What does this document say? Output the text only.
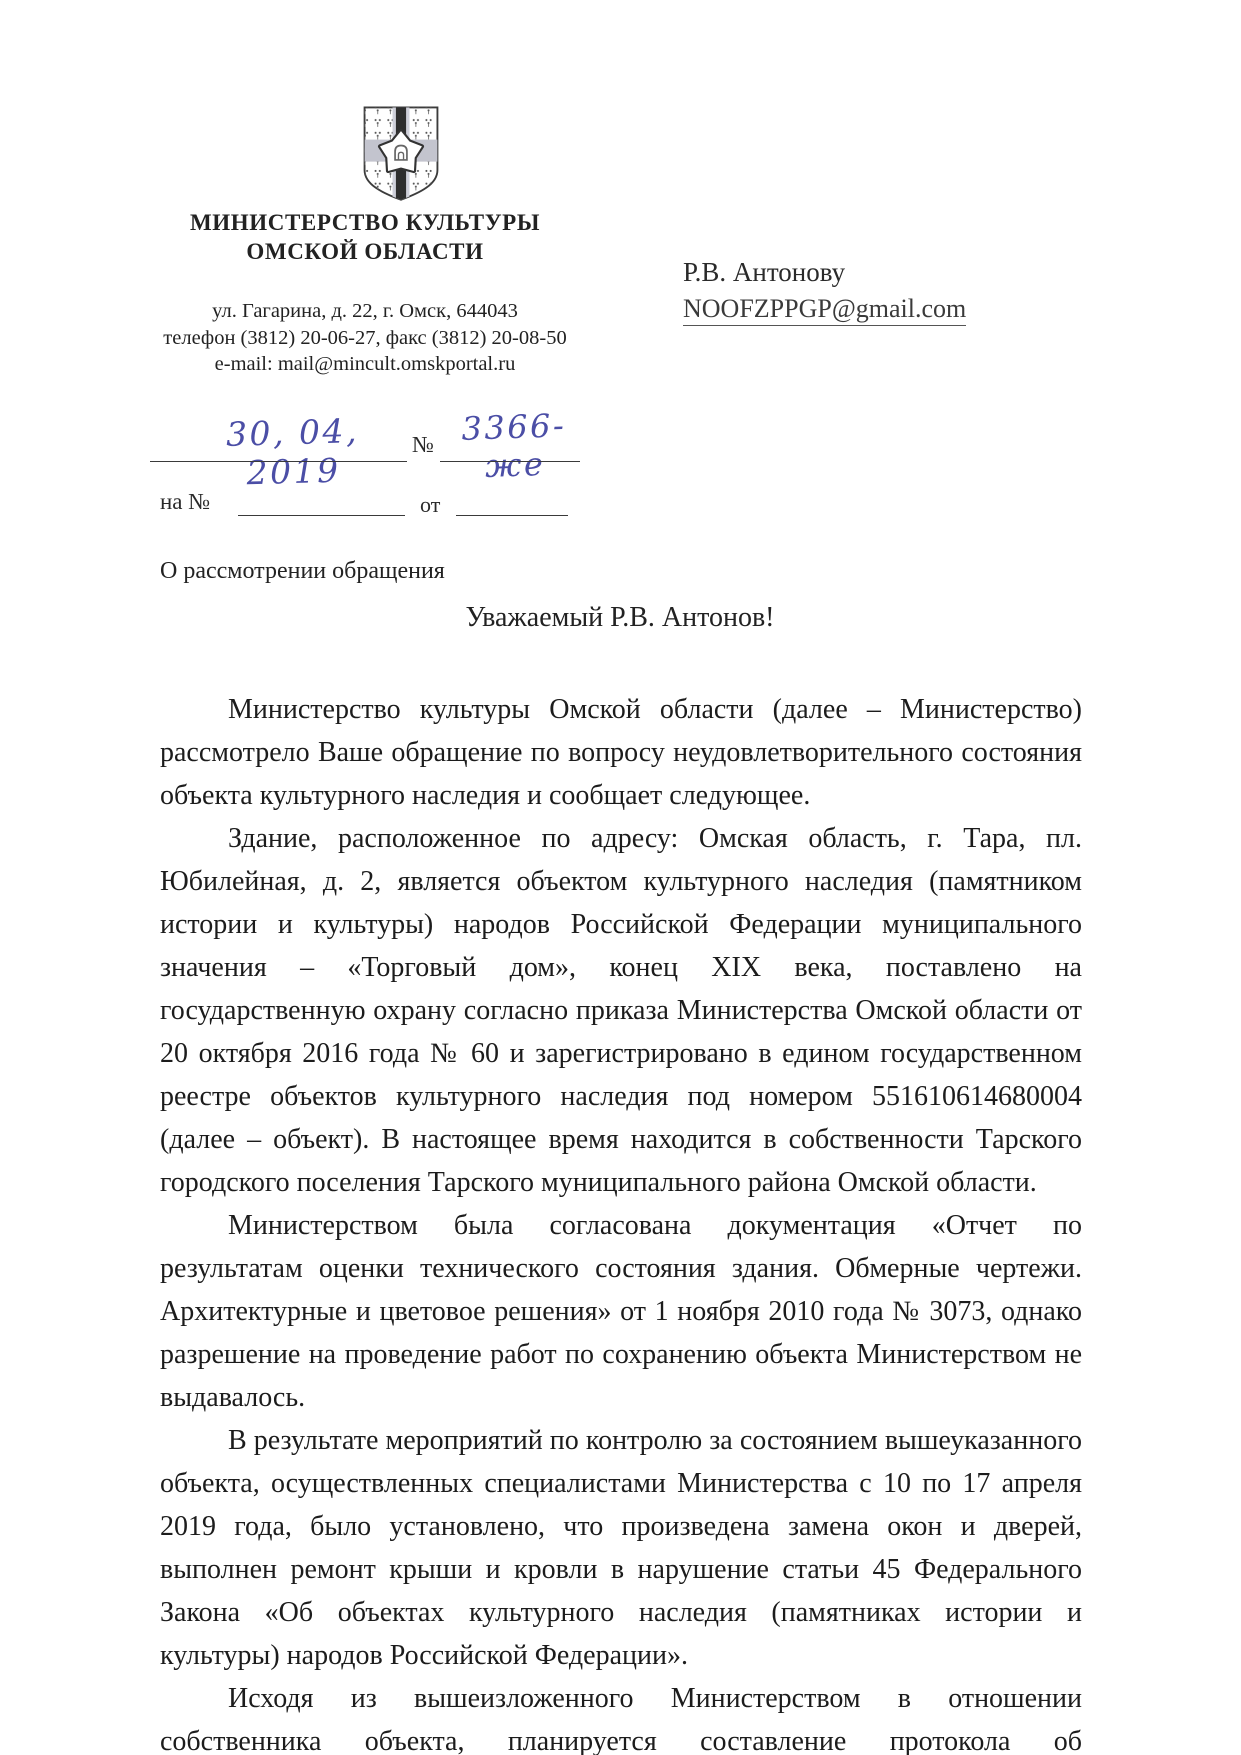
МИНИСТЕРСТВО КУЛЬТУРЫ
ОМСКОЙ ОБЛАСТИ
ул. Гагарина, д. 22, г. Омск, 644043
телефон (3812) 20-06-27, факс (3812) 20-08-50
e-mail: mail@mincult.omskportal.ru
Р.В. Антонову
NOOFZPPGP@gmail.com
30, 04, 2019
№ 3366-же
на №	от
О рассмотрении обращения
Уважаемый Р.В. Антонов!

Министерство культуры Омской области (далее – Министерство) рассмотрело Ваше обращение по вопросу неудовлетворительного состояния объекта культурного наследия и сообщает следующее.

Здание, расположенное по адресу: Омская область, г. Тара, пл. Юбилейная, д. 2, является объектом культурного наследия (памятником истории и культуры) народов Российской Федерации муниципального значения – «Торговый дом», конец XIX века, поставлено на государственную охрану согласно приказа Министерства Омской области от 20 октября 2016 года № 60 и зарегистрировано в едином государственном реестре объектов культурного наследия под номером 551610614680004 (далее – объект). В настоящее время находится в собственности Тарского городского поселения Тарского муниципального района Омской области.

Министерством была согласована документация «Отчет по результатам оценки технического состояния здания. Обмерные чертежи. Архитектурные и цветовое решения» от 1 ноября 2010 года № 3073, однако разрешение на проведение работ по сохранению объекта Министерством не выдавалось.

В результате мероприятий по контролю за состоянием вышеуказанного объекта, осуществленных специалистами Министерства с 10 по 17 апреля 2019 года, было установлено, что произведена замена окон и дверей, выполнен ремонт крыши и кровли в нарушение статьи 45 Федерального Закона «Об объектах культурного наследия (памятниках истории и культуры) народов Российской Федерации».

Исходя из вышеизложенного Министерством в отношении собственника объекта, планируется составление протокола об
